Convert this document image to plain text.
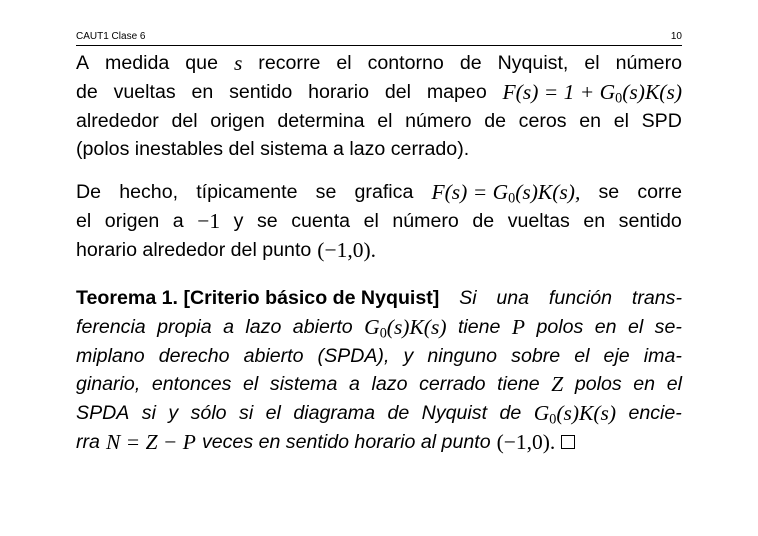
CAUT1 Clase 6	10
A medida que s recorre el contorno de Nyquist, el número
de vueltas en sentido horario del mapeo $F(s) = 1 + G_0(s)K(s)$
alrededor del origen determina el número de ceros en el SPD
(polos inestables del sistema a lazo cerrado).
De hecho, típicamente se grafica $F(s) = G_0(s)K(s)$, se corre
el origen a −1 y se cuenta el número de vueltas en sentido
horario alrededor del punto (−1,0).
Teorema 1. [Criterio básico de Nyquist] Si una función trans-
ferencia propia a lazo abierto $G_0(s)K(s)$ tiene P polos en el se-
miplano derecho abierto (SPDA), y ninguno sobre el eje ima-
ginario, entonces el sistema a lazo cerrado tiene Z polos en el
SPDA si y sólo si el diagrama de Nyquist de $G_0(s)K(s)$ encie-
rra N = Z − P veces en sentido horario al punto (−1,0).
